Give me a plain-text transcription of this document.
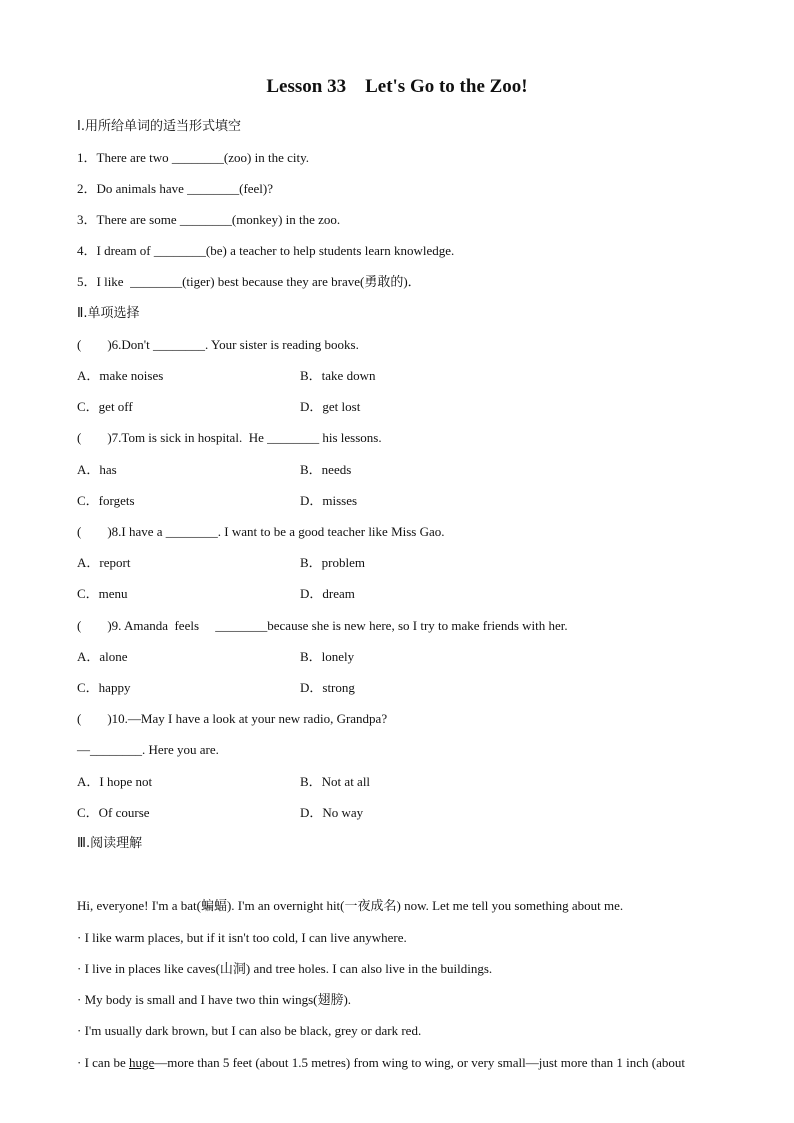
Lesson 33    Let's Go to the Zoo!
Ⅰ.用所给单词的适当形式填空
1．There are two ________(zoo) in the city.
2．Do animals have ________(feel)?
3．There are some ________(monkey) in the zoo.
4．I dream of ________(be) a teacher to help students learn knowledge.
5．I like  ________(tiger) best because they are brave(勇敢的)．
Ⅱ.单项选择
(        )6.Don't ________. Your sister is reading books.
A．make noises	B．take down
C．get off	D．get lost
(        )7.Tom is sick in hospital.  He ________ his lessons.
A．has	B．needs
C．forgets	D．misses
(        )8.I have a ________. I want to be a good teacher like Miss Gao.
A．report	B．problem
C．menu	D．dream
(        )9. Amanda  feels     ________because she is new here, so I try to make friends with her.
A．alone	B．lonely
C．happy	D．strong
(        )10.—May I have a look at your new radio, Grandpa?
—________. Here you are.
A．I hope not	B．Not at all
C．Of course	D．No way
Ⅲ.阅读理解
Hi, everyone! I'm a bat(蝙蝠). I'm an overnight hit(一夜成名) now. Let me tell you something about me.
· I like warm places, but if it isn't too cold, I can live anywhere.
· I live in places like caves(山洞) and tree holes. I can also live in the buildings.
· My body is small and I have two thin wings(翅膀).
· I'm usually dark brown, but I can also be black, grey or dark red.
· I can be huge—more than 5 feet (about 1.5 metres) from wing to wing, or very small—just more than 1 inch (about
